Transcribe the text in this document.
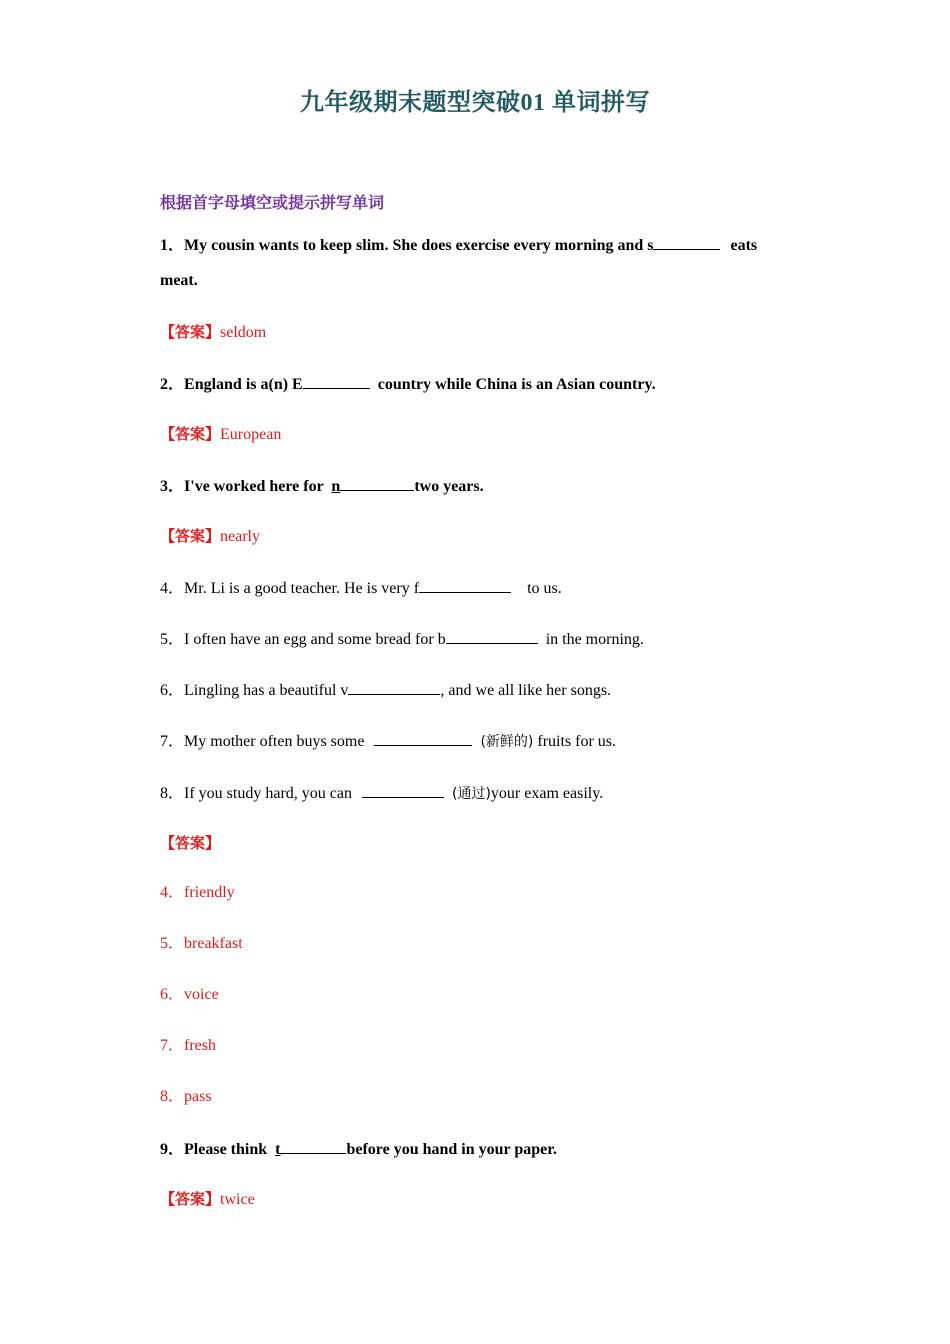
九年级期末题型突破01 单词拼写
根据首字母填空或提示拼写单词
1．My cousin wants to keep slim. She does exercise every morning and s	eats
meat.
【答案】seldom
2．England is a(n) E	country while China is an Asian country.
【答案】European
3．I've worked here for n	two years.
【答案】nearly
4．Mr. Li is a good teacher. He is very f	to us.
5．I often have an egg and some bread for b	in the morning.
6．Lingling has a beautiful v	, and we all like her songs.
7．My mother often buys some	(新鲜的) fruits for us.
8．If you study hard, you can	(通过)your exam easily.
【答案】
4．friendly
5．breakfast
6．voice
7．fresh
8．pass
9．Please think t	before you hand in your paper.
【答案】twice
